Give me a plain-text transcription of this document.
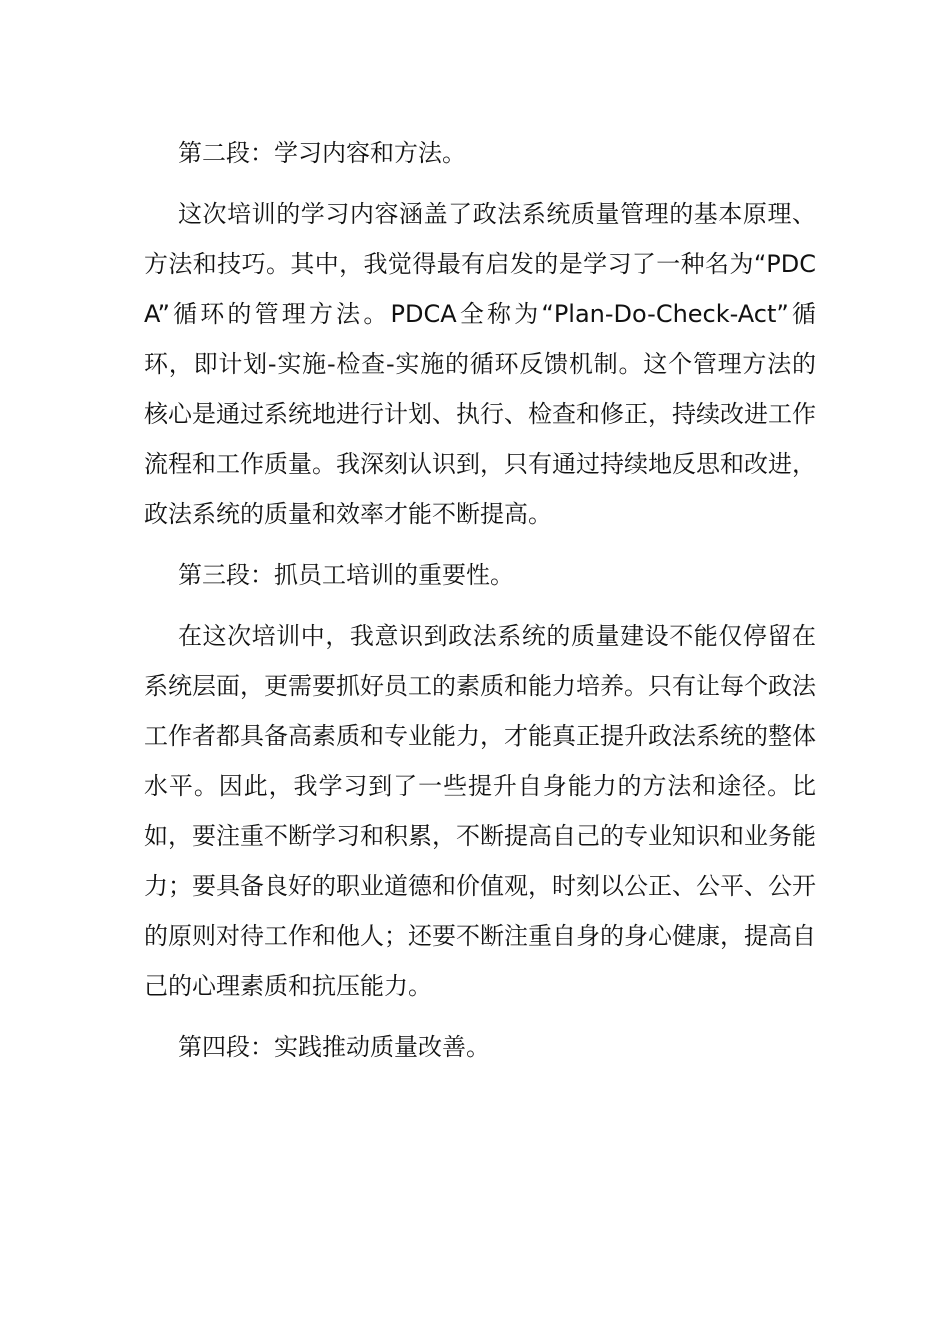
第二段：学习内容和方法。

这次培训的学习内容涵盖了政法系统质量管理的基本原理、方法和技巧。其中，我觉得最有启发的是学习了一种名为“PDCA”循环的管理方法。PDCA全称为“Plan-Do-Check-Act”循环，即计划-实施-检查-实施的循环反馈机制。这个管理方法的核心是通过系统地进行计划、执行、检查和修正，持续改进工作流程和工作质量。我深刻认识到，只有通过持续地反思和改进，政法系统的质量和效率才能不断提高。

第三段：抓员工培训的重要性。

在这次培训中，我意识到政法系统的质量建设不能仅停留在系统层面，更需要抓好员工的素质和能力培养。只有让每个政法工作者都具备高素质和专业能力，才能真正提升政法系统的整体水平。因此，我学习到了一些提升自身能力的方法和途径。比如，要注重不断学习和积累，不断提高自己的专业知识和业务能力；要具备良好的职业道德和价值观，时刻以公正、公平、公开的原则对待工作和他人；还要不断注重自身的身心健康，提高自己的心理素质和抗压能力。

第四段：实践推动质量改善。
